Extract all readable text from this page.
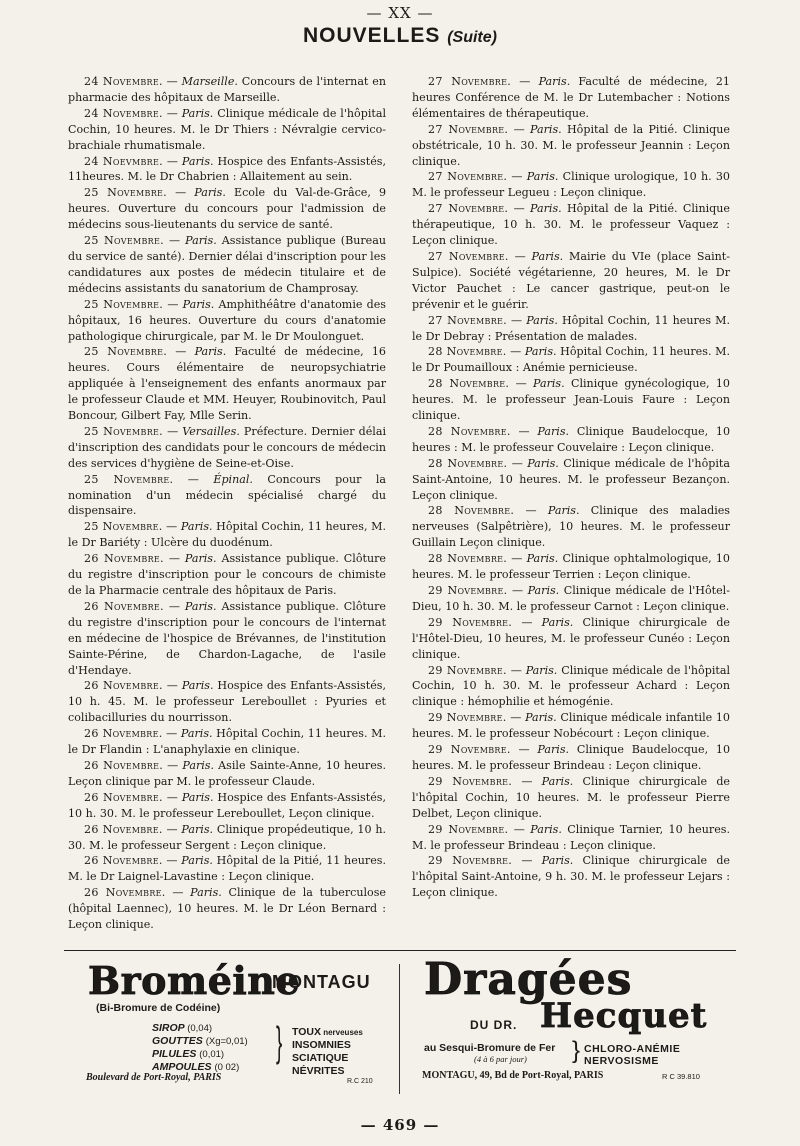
— XX —
NOUVELLES (Suite)

24 Novembre. — Marseille. Concours de l'internat en pharmacie des hôpitaux de Marseille.

24 Novembre. — Paris. Clinique médicale de l'hôpital Cochin, 10 heures. M. le Dr Thiers : Névralgie cervico-brachiale rhumatismale.

24 Noevmbre. — Paris. Hospice des Enfants-Assistés, 11heures. M. le Dr Chabrien : Allaitement au sein.

25 Novembre. — Paris. Ecole du Val-de-Grâce, 9 heures. Ouverture du concours pour l'admission de médecins sous-lieutenants du service de santé.

25 Novembre. — Paris. Assistance publique (Bureau du service de santé). Dernier délai d'inscription pour les candidatures aux postes de médecin titulaire et de médecins assistants du sanatorium de Champrosay.

25 Novembre. — Paris. Amphithéâtre d'anatomie des hôpitaux, 16 heures. Ouverture du cours d'anatomie pathologique chirurgicale, par M. le Dr Moulonguet.

25 Novembre. — Paris. Faculté de médecine, 16 heures. Cours élémentaire de neuropsychiatrie appliquée à l'enseignement des enfants anormaux par le professeur Claude et MM. Heuyer, Roubinovitch, Paul Boncour, Gilbert Fay, Mlle Serin.

25 Novembre. — Versailles. Préfecture. Dernier délai d'inscription des candidats pour le concours de médecin des services d'hygiène de Seine-et-Oise.

25 Novembre. — Épinal. Concours pour la nomination d'un médecin spécialisé chargé du dispensaire.

25 Novembre. — Paris. Hôpital Cochin, 11 heures, M. le Dr Bariéty : Ulcère du duodénum.

26 Novembre. — Paris. Assistance publique. Clôture du registre d'inscription pour le concours de chimiste de la Pharmacie centrale des hôpitaux de Paris.

26 Novembre. — Paris. Assistance publique. Clôture du registre d'inscription pour le concours de l'internat en médecine de l'hospice de Brévannes, de l'institution Sainte-Périne, de Chardon-Lagache, de l'asile d'Hendaye.

26 Novembre. — Paris. Hospice des Enfants-Assistés, 10 h. 45. M. le professeur Lereboullet : Pyuries et colibacilluries du nourrisson.

26 Novembre. — Paris. Hôpital Cochin, 11 heures. M. le Dr Flandin : L'anaphylaxie en clinique.

26 Novembre. — Paris. Asile Sainte-Anne, 10 heures. Leçon clinique par M. le professeur Claude.

26 Novembre. — Paris. Hospice des Enfants-Assistés, 10 h. 30. M. le professeur Lereboullet, Leçon clinique.

26 Novembre. — Paris. Clinique propédeutique, 10 h. 30. M. le professeur Sergent : Leçon clinique.

26 Novembre. — Paris. Hôpital de la Pitié, 11 heures. M. le Dr Laignel-Lavastine : Leçon clinique.

26 Novembre. — Paris. Clinique de la tuberculose (hôpital Laennec), 10 heures. M. le Dr Léon Bernard : Leçon clinique.

27 Novembre. — Paris. Faculté de médecine, 21 heures Conférence de M. le Dr Lutembacher : Notions élémentaires de thérapeutique.

27 Novembre. — Paris. Hôpital de la Pitié. Clinique obstétricale, 10 h. 30. M. le professeur Jeannin : Leçon clinique.

27 Novembre. — Paris. Clinique urologique, 10 h. 30 M. le professeur Legueu : Leçon clinique.

27 Novembre. — Paris. Hôpital de la Pitié. Clinique thérapeutique, 10 h. 30. M. le professeur Vaquez : Leçon clinique.

27 Novembre. — Paris. Mairie du VIe (place Saint-Sulpice). Société végétarienne, 20 heures, M. le Dr Victor Pauchet : Le cancer gastrique, peut-on le prévenir et le guérir.

27 Novembre. — Paris. Hôpital Cochin, 11 heures M. le Dr Debray : Présentation de malades.

28 Novembre. — Paris. Hôpital Cochin, 11 heures. M. le Dr Poumailloux : Anémie pernicieuse.

28 Novembre. — Paris. Clinique gynécologique, 10 heures. M. le professeur Jean-Louis Faure : Leçon clinique.

28 Novembre. — Paris. Clinique Baudelocque, 10 heures : M. le professeur Couvelaire : Leçon clinique.

28 Novembre. — Paris. Clinique médicale de l'hôpita Saint-Antoine, 10 heures. M. le professeur Bezançon. Leçon clinique.

28 Novembre. — Paris. Clinique des maladies nerveuses (Salpêtrière), 10 heures. M. le professeur Guillain Leçon clinique.

28 Novembre. — Paris. Clinique ophtalmologique, 10 heures. M. le professeur Terrien : Leçon clinique.

29 Novembre. — Paris. Clinique médicale de l'Hôtel-Dieu, 10 h. 30. M. le professeur Carnot : Leçon clinique.

29 Novembre. — Paris. Clinique chirurgicale de l'Hôtel-Dieu, 10 heures, M. le professeur Cunéo : Leçon clinique.

29 Novembre. — Paris. Clinique médicale de l'hôpital Cochin, 10 h. 30. M. le professeur Achard : Leçon clinique : hémophilie et hémogénie.

29 Novembre. — Paris. Clinique médicale infantile 10 heures. M. le professeur Nobécourt : Leçon clinique.

29 Novembre. — Paris. Clinique Baudelocque, 10 heures. M. le professeur Brindeau : Leçon clinique.

29 Novembre. — Paris. Clinique chirurgicale de l'hôpital Cochin, 10 heures. M. le professeur Pierre Delbet, Leçon clinique.

29 Novembre. — Paris. Clinique Tarnier, 10 heures. M. le professeur Brindeau : Leçon clinique.

29 Novembre. — Paris. Clinique chirurgicale de l'hôpital Saint-Antoine, 9 h. 30. M. le professeur Lejars : Leçon clinique.

Broméine
MONTAGU
(Bi-Bromure de Codéine)
SIROP (0,04)
GOUTTES (Xg=0,01)
PILULES (0,01)
AMPOULES (0 02)
} TOUX nerveuses
INSOMNIES
SCIATIQUE
NÉVRITES
Boulevard de Port-Royal, PARIS	R.C 210
Dragées
DU DR. Hecquet
au Sesqui-Bromure de Fer
(4 à 6 par jour) } CHLORO-ANÉMIE
NERVOSISME
MONTAGU, 49, Bd de Port-Royal, PARIS	R C 39.810
— 469 —
